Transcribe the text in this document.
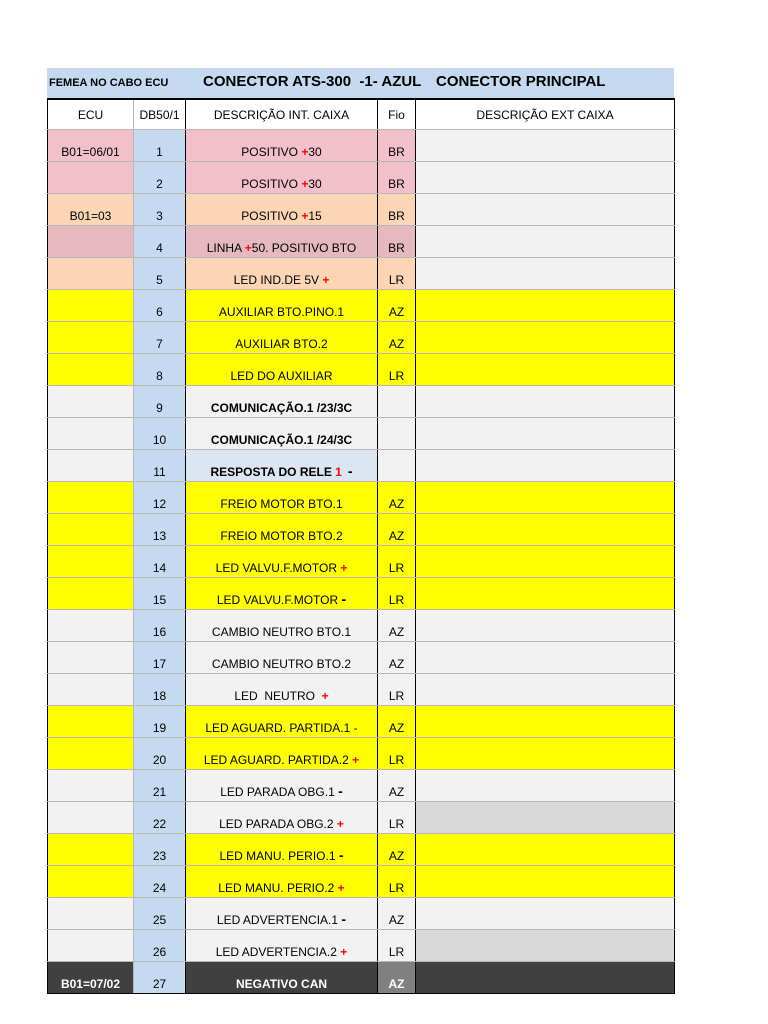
FEMEA NO CABO ECU CONECTOR ATS-300  -1- AZUL CONECTOR PRINCIPAL
ECU	DB50/1	DESCRIÇÃO INT. CAIXA	Fio	DESCRIÇÃO EXT CAIXA
B01=06/01	1	POSITIVO +30	BR	
	2	POSITIVO +30	BR	
B01=03	3	POSITIVO +15	BR	
	4	LINHA +50. POSITIVO BTO	BR	
	5	LED IND.DE 5V +	LR	
	6	AUXILIAR BTO.PINO.1	AZ	
	7	AUXILIAR BTO.2	AZ	
	8	LED DO AUXILIAR	LR	
	9	COMUNICAÇÃO.1 /23/3C		
	10	COMUNICAÇÃO.1 /24/3C		
	11	RESPOSTA DO RELE 1 -		
	12	FREIO MOTOR BTO.1	AZ	
	13	FREIO MOTOR BTO.2	AZ	
	14	LED VALVU.F.MOTOR +	LR	
	15	LED VALVU.F.MOTOR -	LR	
	16	CAMBIO NEUTRO BTO.1	AZ	
	17	CAMBIO NEUTRO BTO.2	AZ	
	18	LED  NEUTRO  +	LR	
	19	LED AGUARD. PARTIDA.1 -	AZ	
	20	LED AGUARD. PARTIDA.2 +	LR	
	21	LED PARADA OBG.1 -	AZ	
	22	LED PARADA OBG.2 +	LR	
	23	LED MANU. PERIO.1 -	AZ	
	24	LED MANU. PERIO.2 +	LR	
	25	LED ADVERTENCIA.1 -	AZ	
	26	LED ADVERTENCIA.2 +	LR	
B01=07/02	27	NEGATIVO CAN	AZ	
